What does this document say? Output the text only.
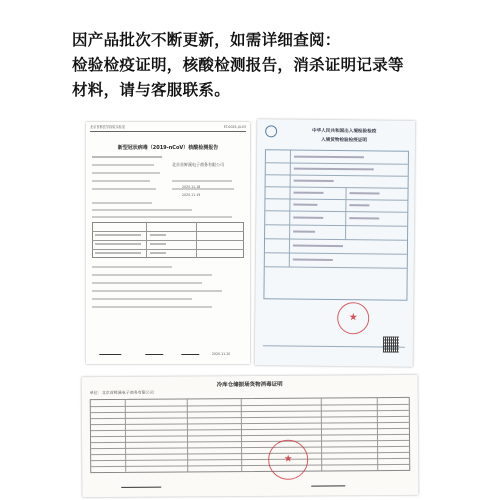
因产品批次不断更新，如需详细查阅：
检验检疫证明，核酸检测报告，消杀证明记录等
材料，请与客服联系。
北京首都医学检验实验室	ET-0025-J4-V3
新型冠状病毒（2019-nCoV）核酸检测报告
北京首鲜溪电子商务有限公司
2020.11.18
2020.11.19
2020.11.20
中华人民共和国出入境检验检疫
入境货物检验检疫证明
★
冷库仓储振场货物消毒证明
单位：北京首鲜溪电子商务有限公司
★
